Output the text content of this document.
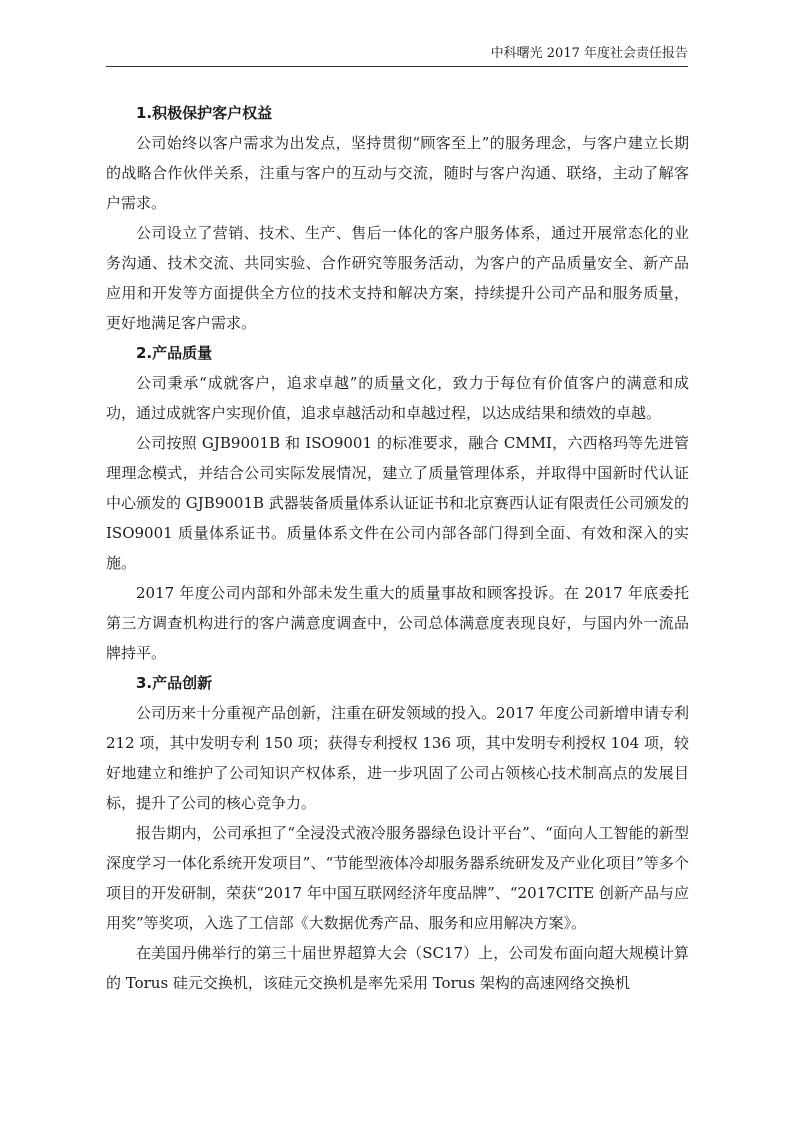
中科曙光 2017 年度社会责任报告
1.积极保护客户权益

公司始终以客户需求为出发点，坚持贯彻“顾客至上”的服务理念，与客户建立长期的战略合作伙伴关系，注重与客户的互动与交流，随时与客户沟通、联络，主动了解客户需求。

公司设立了营销、技术、生产、售后一体化的客户服务体系，通过开展常态化的业务沟通、技术交流、共同实验、合作研究等服务活动，为客户的产品质量安全、新产品应用和开发等方面提供全方位的技术支持和解决方案，持续提升公司产品和服务质量，更好地满足客户需求。

2.产品质量

公司秉承“成就客户，追求卓越”的质量文化，致力于每位有价值客户的满意和成功，通过成就客户实现价值，追求卓越活动和卓越过程，以达成结果和绩效的卓越。

公司按照 GJB9001B 和 ISO9001 的标准要求，融合 CMMI，六西格玛等先进管理理念模式，并结合公司实际发展情况，建立了质量管理体系，并取得中国新时代认证中心颁发的 GJB9001B 武器装备质量体系认证证书和北京赛西认证有限责任公司颁发的 ISO9001 质量体系证书。质量体系文件在公司内部各部门得到全面、有效和深入的实施。

2017 年度公司内部和外部未发生重大的质量事故和顾客投诉。在 2017 年底委托第三方调查机构进行的客户满意度调查中，公司总体满意度表现良好，与国内外一流品牌持平。

3.产品创新

公司历来十分重视产品创新，注重在研发领域的投入。2017 年度公司新增申请专利 212 项，其中发明专利 150 项；获得专利授权 136 项，其中发明专利授权 104 项，较好地建立和维护了公司知识产权体系，进一步巩固了公司占领核心技术制高点的发展目标，提升了公司的核心竞争力。

报告期内，公司承担了“全浸没式液冷服务器绿色设计平台”、“面向人工智能的新型深度学习一体化系统开发项目”、“节能型液体冷却服务器系统研发及产业化项目”等多个项目的开发研制，荣获“2017 年中国互联网经济年度品牌”、“2017CITE 创新产品与应用奖”等奖项，入选了工信部《大数据优秀产品、服务和应用解决方案》。

在美国丹佛举行的第三十届世界超算大会（SC17）上，公司发布面向超大规模计算的 Torus 硅元交换机，该硅元交换机是率先采用 Torus 架构的高速网络交换机
